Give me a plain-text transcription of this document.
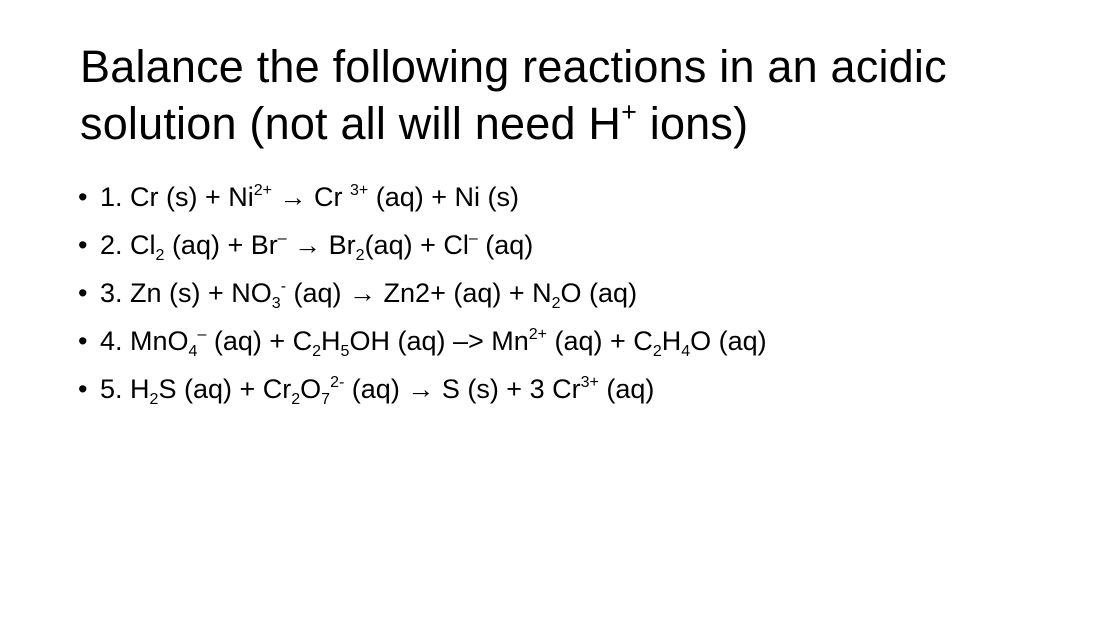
Balance the following reactions in an acidic
solution (not all will need H+ ions)
• 1. Cr $(s) + Ni^{2+} \to Cr$ $^{3+}$ (aq) + Ni (s)
• 2. $Cl_2$ $(aq) + Br^- \to Br_2(aq) + Cl^-$ (aq)
• 3. Zn $(s) + NO_3^-$ $(aq) \to Zn2+ (aq) + N_2O$ (aq)
• 4. MnO$_4$– $(aq) + C_2H_5OH$ $(aq) -> Mn^{2+}$ $(aq) + C_2H_4O$ (aq)
• 5. $H_2S$ $(aq) + Cr_2O_7^{2-}$ (aq) → S (s) + 3 $Cr^{3+}$ (aq)
